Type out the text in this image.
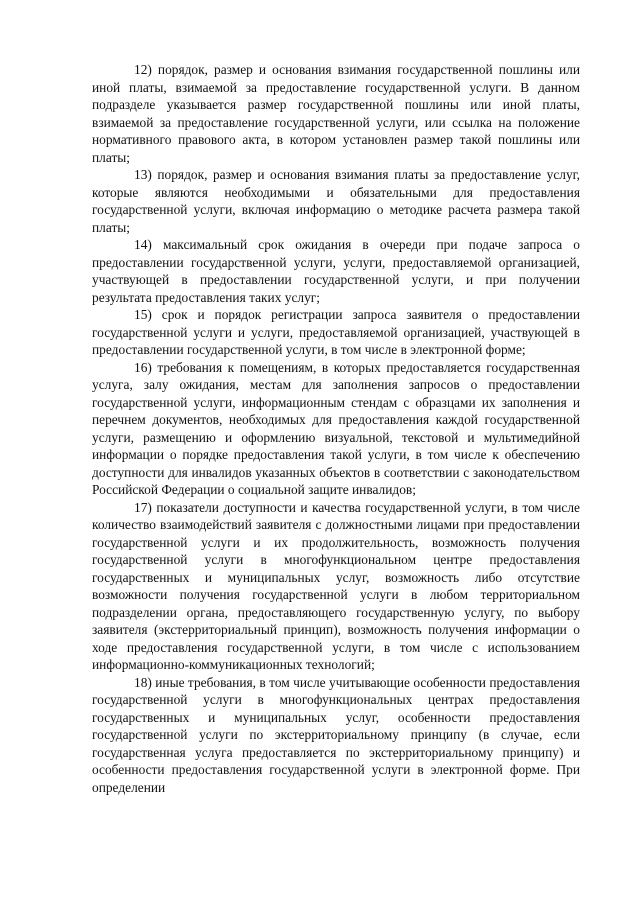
12) порядок, размер и основания взимания государственной пошлины или иной платы, взимаемой за предоставление государственной услуги. В данном подразделе указывается размер государственной пошлины или иной платы, взимаемой за предоставление государственной услуги, или ссылка на положение нормативного правового акта, в котором установлен размер такой пошлины или платы;

13) порядок, размер и основания взимания платы за предоставление услуг, которые являются необходимыми и обязательными для предоставления государственной услуги, включая информацию о методике расчета размера такой платы;

14) максимальный срок ожидания в очереди при подаче запроса о предоставлении государственной услуги, услуги, предоставляемой организацией, участвующей в предоставлении государственной услуги, и при получении результата предоставления таких услуг;

15) срок и порядок регистрации запроса заявителя о предоставлении государственной услуги и услуги, предоставляемой организацией, участвующей в предоставлении государственной услуги, в том числе в электронной форме;

16) требования к помещениям, в которых предоставляется государственная услуга, залу ожидания, местам для заполнения запросов о предоставлении государственной услуги, информационным стендам с образцами их заполнения и перечнем документов, необходимых для предоставления каждой государственной услуги, размещению и оформлению визуальной, текстовой и мультимедийной информации о порядке предоставления такой услуги, в том числе к обеспечению доступности для инвалидов указанных объектов в соответствии с законодательством Российской Федерации о социальной защите инвалидов;

17) показатели доступности и качества государственной услуги, в том числе количество взаимодействий заявителя с должностными лицами при предоставлении государственной услуги и их продолжительность, возможность получения государственной услуги в многофункциональном центре предоставления государственных и муниципальных услуг, возможность либо отсутствие возможности получения государственной услуги в любом территориальном подразделении органа, предоставляющего государственную услугу, по выбору заявителя (экстерриториальный принцип), возможность получения информации о ходе предоставления государственной услуги, в том числе с использованием информационно-коммуникационных технологий;

18) иные требования, в том числе учитывающие особенности предоставления государственной услуги в многофункциональных центрах предоставления государственных и муниципальных услуг, особенности предоставления государственной услуги по экстерриториальному принципу (в случае, если государственная услуга предоставляется по экстерриториальному принципу) и особенности предоставления государственной услуги в электронной форме. При определении
